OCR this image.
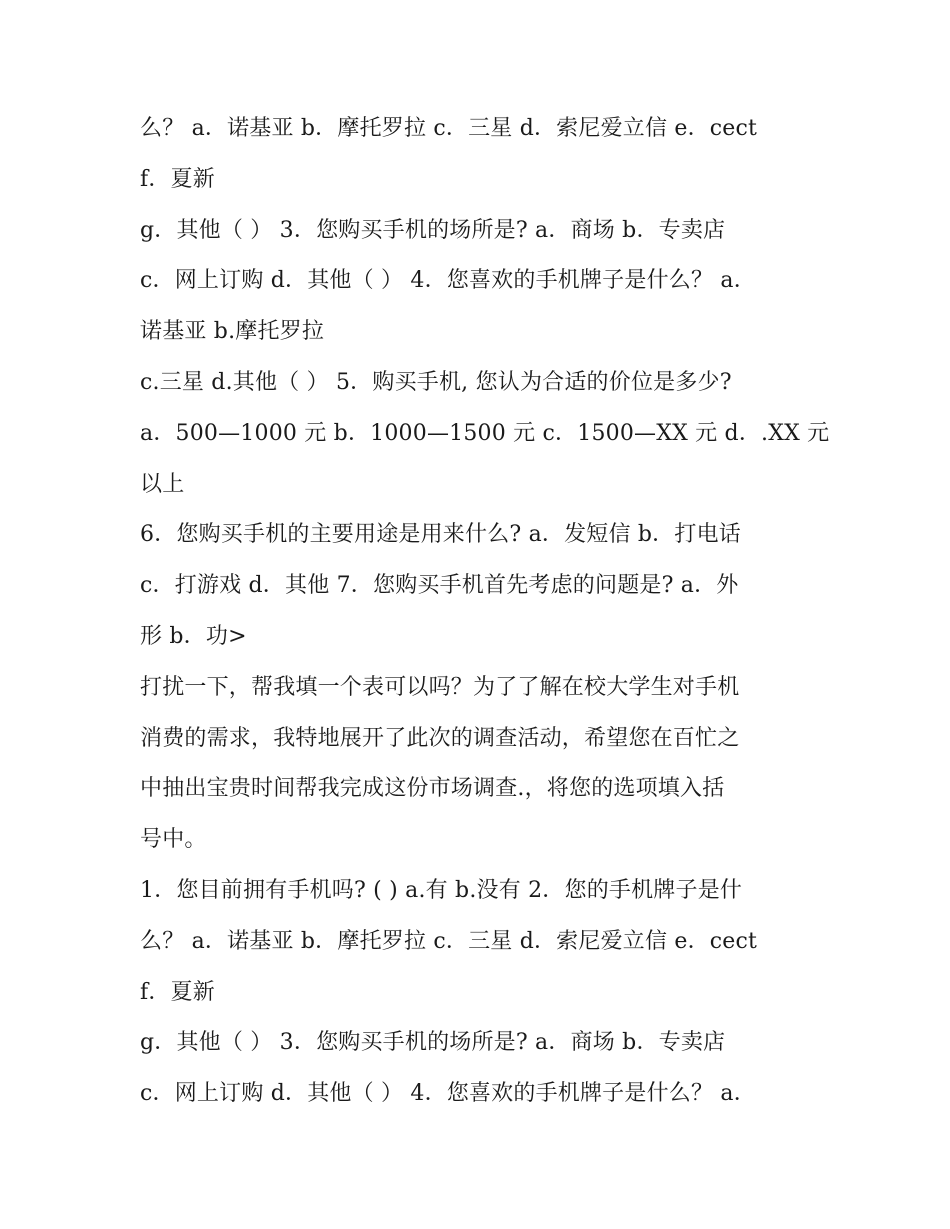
么？ a．诺基亚 b．摩托罗拉 c．三星 d．索尼爱立信 e．cect
f．夏新
g．其他（ ） 3．您购买手机的场所是? a．商场 b．专卖店
c．网上订购 d．其他（ ） 4．您喜欢的手机牌子是什么？ a．
诺基亚 b.摩托罗拉
c.三星 d.其他（ ） 5．购买手机, 您认为合适的价位是多少?
a．500—1000 元 b．1000—1500 元 c．1500—XX 元 d．.XX 元
以上
6．您购买手机的主要用途是用来什么? a．发短信 b．打电话
c．打游戏 d．其他 7．您购买手机首先考虑的问题是? a．外
形 b．功>
打扰一下，帮我填一个表可以吗？为了了解在校大学生对手机
消费的需求，我特地展开了此次的调查活动，希望您在百忙之
中抽出宝贵时间帮我完成这份市场调查.，将您的选项填入括
号中。
1．您目前拥有手机吗? ( ) a.有 b.没有 2．您的手机牌子是什
么？ a．诺基亚 b．摩托罗拉 c．三星 d．索尼爱立信 e．cect
f．夏新
g．其他（ ） 3．您购买手机的场所是? a．商场 b．专卖店
c．网上订购 d．其他（ ） 4．您喜欢的手机牌子是什么？ a．
